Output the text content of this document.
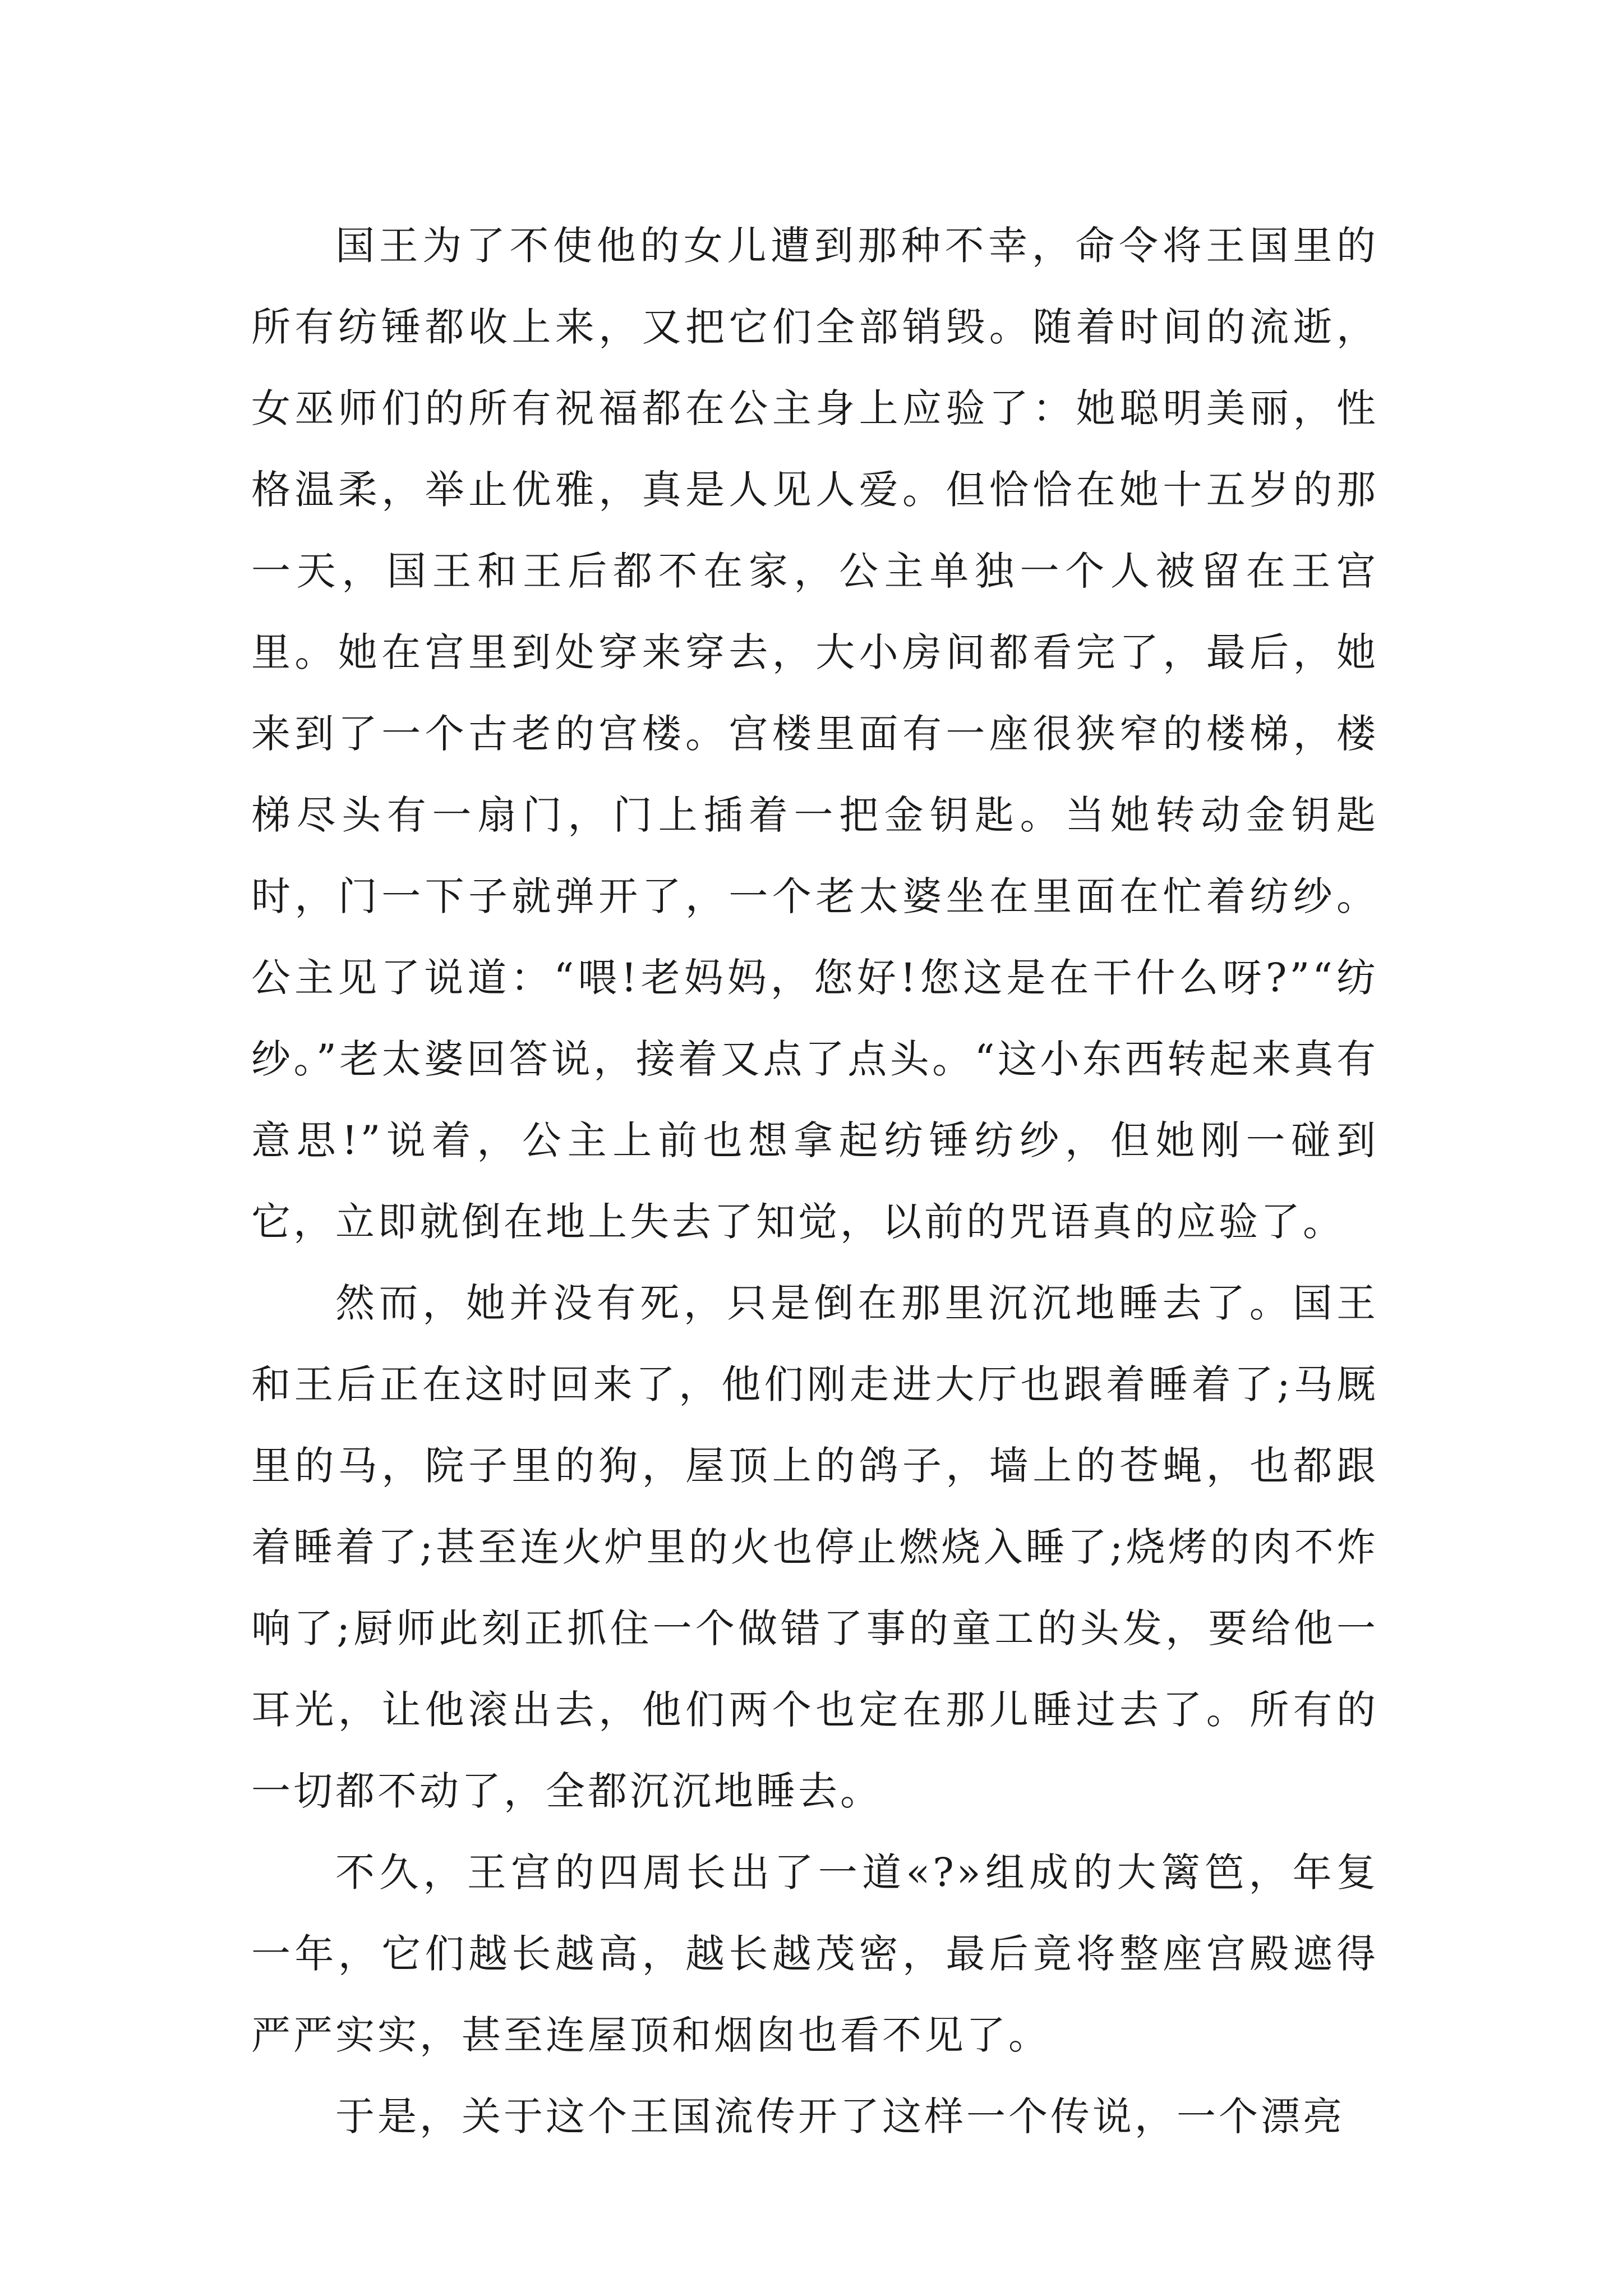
国王为了不使他的女儿遭到那种不幸，命令将王国里的所有纺锤都收上来，又把它们全部销毁。随着时间的流逝，女巫师们的所有祝福都在公主身上应验了：她聪明美丽，性格温柔，举止优雅，真是人见人爱。但恰恰在她十五岁的那一天，国王和王后都不在家，公主单独一个人被留在王宫里。她在宫里到处穿来穿去，大小房间都看完了，最后，她来到了一个古老的宫楼。宫楼里面有一座很狭窄的楼梯，楼梯尽头有一扇门，门上插着一把金钥匙。当她转动金钥匙时，门一下子就弹开了，一个老太婆坐在里面在忙着纺纱。公主见了说道：“喂!老妈妈，您好!您这是在干什么呀?”“纺纱。”老太婆回答说，接着又点了点头。“这小东西转起来真有意思!”说着，公主上前也想拿起纺锤纺纱，但她刚一碰到它，立即就倒在地上失去了知觉，以前的咒语真的应验了。

然而，她并没有死，只是倒在那里沉沉地睡去了。国王和王后正在这时回来了，他们刚走进大厅也跟着睡着了;马厩里的马，院子里的狗，屋顶上的鸽子，墙上的苍蝇，也都跟着睡着了;甚至连火炉里的火也停止燃烧入睡了;烧烤的肉不炸响了;厨师此刻正抓住一个做错了事的童工的头发，要给他一耳光，让他滚出去，他们两个也定在那儿睡过去了。所有的一切都不动了，全都沉沉地睡去。

不久，王宫的四周长出了一道«?»组成的大篱笆，年复一年，它们越长越高，越长越茂密，最后竟将整座宫殿遮得严严实实，甚至连屋顶和烟囱也看不见了。

于是，关于这个王国流传开了这样一个传说，一个漂亮
